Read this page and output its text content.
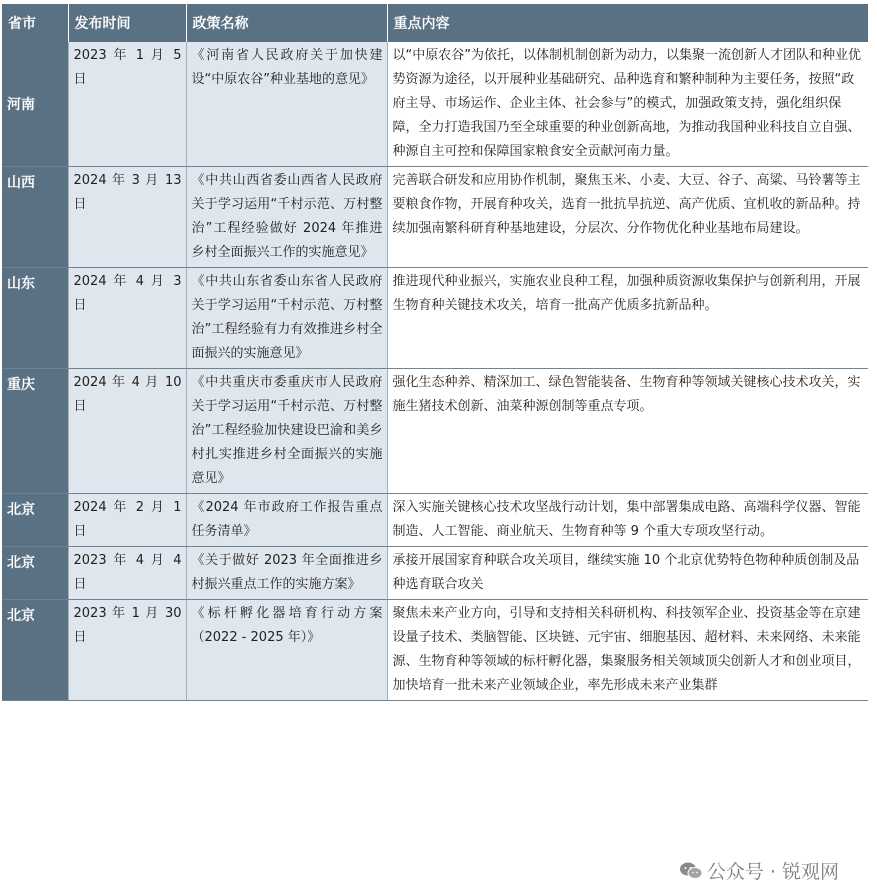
省市	发布时间	政策名称	重点内容
河南	2023 年 1 月 5 日	《河南省人民政府关于加快建设“中原农谷”种业基地的意见》	以“中原农谷”为依托，以体制机制创新为动力，以集聚一流创新人才团队和种业优势资源为途径，以开展种业基础研究、品种选育和繁种制种为主要任务，按照“政府主导、市场运作、企业主体、社会参与”的模式，加强政策支持，强化组织保障，全力打造我国乃至全球重要的种业创新高地，为推动我国种业科技自立自强、种源自主可控和保障国家粮食安全贡献河南力量。
山西	2024 年 3 月 13 日	《中共山西省委山西省人民政府关于学习运用“千村示范、万村整治”工程经验做好 2024 年推进乡村全面振兴工作的实施意见》	完善联合研发和应用协作机制，聚焦玉米、小麦、大豆、谷子、高粱、马铃薯等主要粮食作物，开展育种攻关，选育一批抗旱抗逆、高产优质、宜机收的新品种。持续加强南繁科研育种基地建设，分层次、分作物优化种业基地布局建设。
山东	2024 年 4 月 3 日	《中共山东省委山东省人民政府关于学习运用“千村示范、万村整治”工程经验有力有效推进乡村全面振兴的实施意见》	推进现代种业振兴，实施农业良种工程，加强种质资源收集保护与创新利用，开展生物育种关键技术攻关，培育一批高产优质多抗新品种。
重庆	2024 年 4 月 10 日	《中共重庆市委重庆市人民政府关于学习运用“千村示范、万村整治”工程经验加快建设巴渝和美乡村扎实推进乡村全面振兴的实施意见》	强化生态种养、精深加工、绿色智能装备、生物育种等领域关键核心技术攻关，实施生猪技术创新、油菜种源创制等重点专项。
北京	2024 年 2 月 1 日	《2024 年市政府工作报告重点任务清单》	深入实施关键核心技术攻坚战行动计划，集中部署集成电路、高端科学仪器、智能制造、人工智能、商业航天、生物育种等 9 个重大专项攻坚行动。
北京	2023 年 4 月 4 日	《关于做好 2023 年全面推进乡村振兴重点工作的实施方案》	承接开展国家育种联合攻关项目，继续实施 10 个北京优势特色物种种质创制及品种选育联合攻关
北京	2023 年 1 月 30 日	《标杆孵化器培育行动方案（2022 - 2025 年）》	聚焦未来产业方向，引导和支持相关科研机构、科技领军企业、投资基金等在京建设量子技术、类脑智能、区块链、元宇宙、细胞基因、超材料、未来网络、未来能源、生物育种等领域的标杆孵化器，集聚服务相关领域顶尖创新人才和创业项目，加快培育一批未来产业领域企业，率先形成未来产业集群
公众号 · 锐观网
